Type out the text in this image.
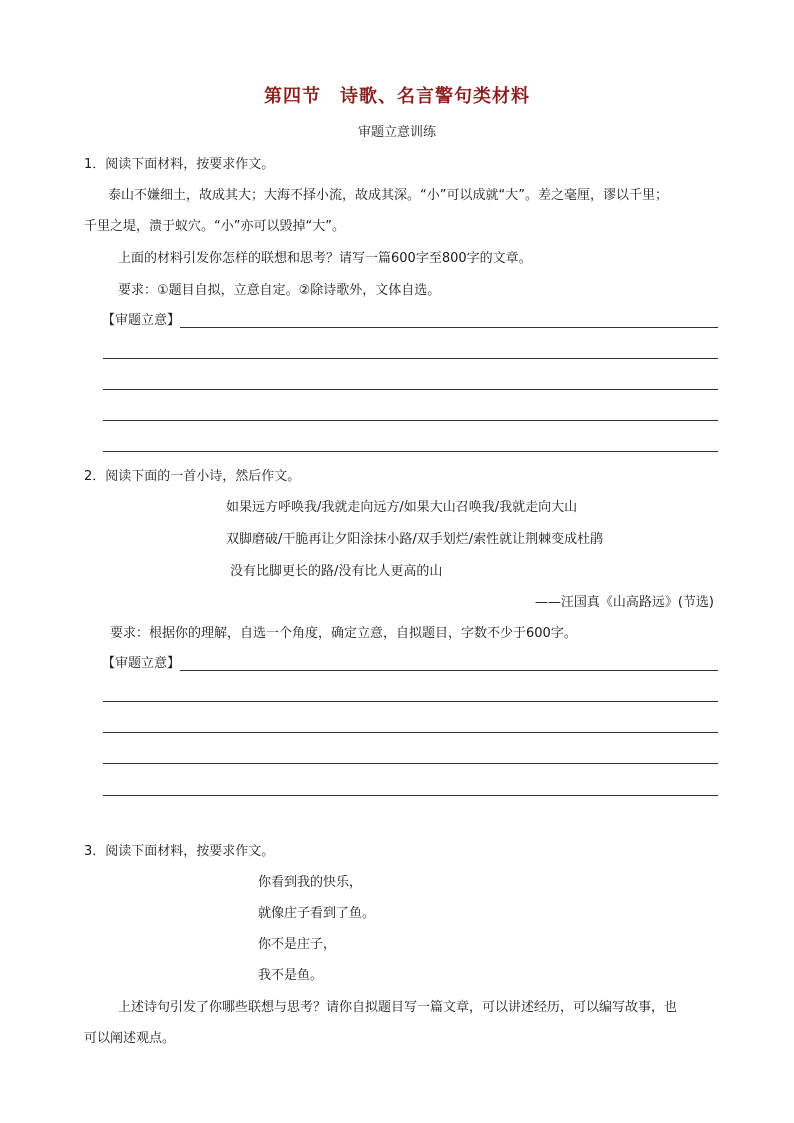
第四节　诗歌、名言警句类材料
审题立意训练
1．阅读下面材料，按要求作文。
泰山不嫌细土，故成其大；大海不择小流，故成其深。“小”可以成就“大”。差之毫厘，谬以千里；
千里之堤，溃于蚁穴。“小”亦可以毁掉“大”。
上面的材料引发你怎样的联想和思考？请写一篇600字至800字的文章。
要求：①题目自拟，立意自定。②除诗歌外，文体自选。
【审题立意】
2．阅读下面的一首小诗，然后作文。
如果远方呼唤我/我就走向远方/如果大山召唤我/我就走向大山
双脚磨破/干脆再让夕阳涂抹小路/双手划烂/索性就让荆棘变成杜鹃
没有比脚更长的路/没有比人更高的山
——汪国真《山高路远》(节选)
要求：根据你的理解，自选一个角度，确定立意，自拟题目，字数不少于600字。
【审题立意】
3．阅读下面材料，按要求作文。
你看到我的快乐，
就像庄子看到了鱼。
你不是庄子，
我不是鱼。
上述诗句引发了你哪些联想与思考？请你自拟题目写一篇文章，可以讲述经历，可以编写故事，也
可以阐述观点。
